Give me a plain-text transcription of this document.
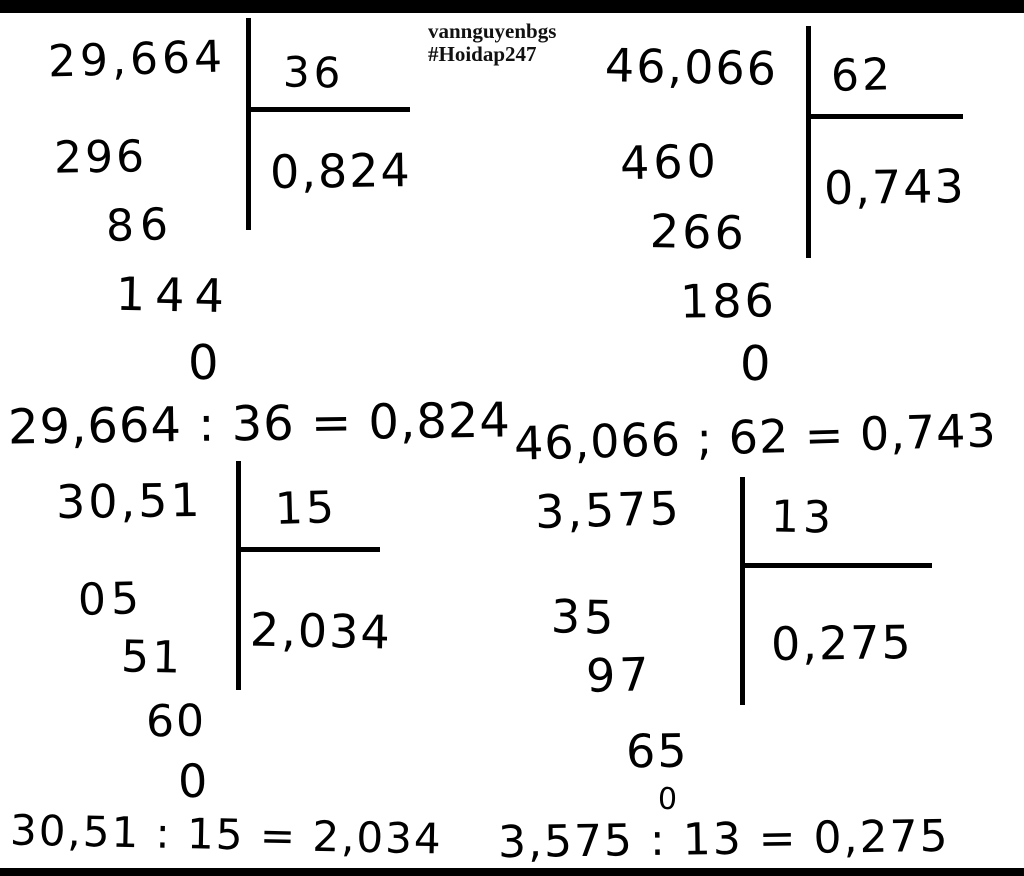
vannguyenbgs
#Hoidap247
29,664 36
0,824
296
86
144
0
29,664 : 36 = 0,824
46,066 62
0,743
460
266
186
0
46,066 ; 62 = 0,743
30,51 15
2,034
05
51
60
0
30,51 : 15 = 2,034
3,575 13
0,275
35
97
65
0
3,575 : 13 = 0,275
